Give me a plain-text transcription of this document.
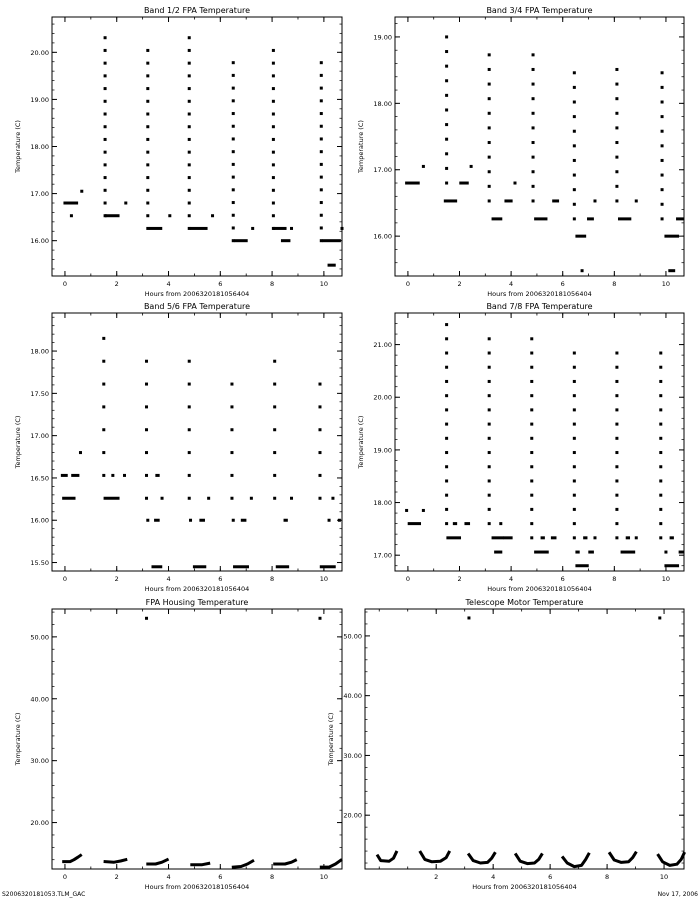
Band 1/2 FPA Temperature
Hours from 2006320181056404
Temperature (C)
0	2	4	6	8	10
16.00
17.00
18.00
19.00
20.00
Band 3/4 FPA Temperature
Hours from 2006320181056404
Temperature (C)
0	2	4	6	8	10
16.00
17.00
18.00
19.00
Band 5/6 FPA Temperature
Hours from 2006320181056404
Temperature (C)
0	2	4	6	8	10
15.50
16.00
16.50
17.00
17.50
18.00
Band 7/8 FPA Temperature
Hours from 2006320181056404
Temperature (C)
0	2	4	6	8	10
17.00
18.00
19.00
20.00
21.00
FPA Housing Temperature
Hours from 2006320181056404
Temperature (C)
0	2	4	6	8	10
20.00
30.00
40.00
50.00
Telescope Motor Temperature
Hours from 2006320181056404
Temperature (C)
2	4	6	8	10
20.00
30.00
40.00
50.00
S2006320181053.TLM_GAC	Nov 17, 2006
